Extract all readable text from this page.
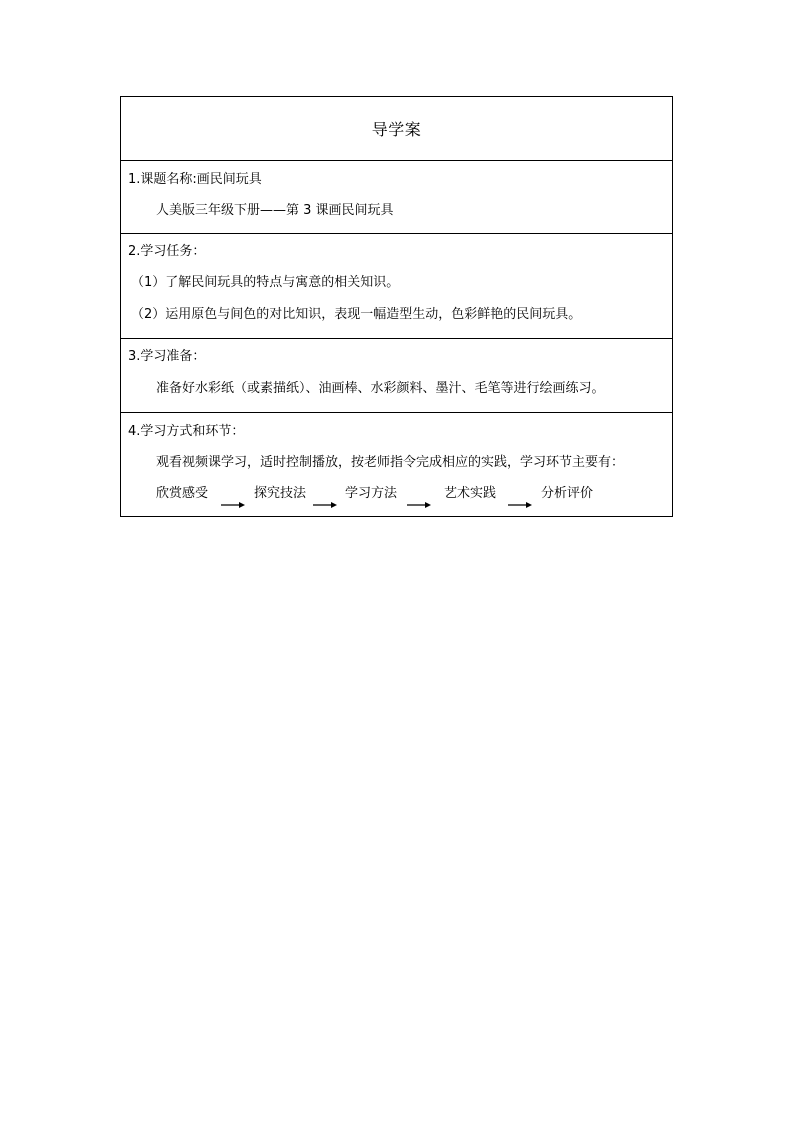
导学案
1.课题名称:画民间玩具
人美版三年级下册——第 3 课画民间玩具
2.学习任务：
（1）了解民间玩具的特点与寓意的相关知识。
（2）运用原色与间色的对比知识，表现一幅造型生动，色彩鲜艳的民间玩具。
3.学习准备：
准备好水彩纸（或素描纸）、油画棒、水彩颜料、墨汁、毛笔等进行绘画练习。
4.学习方式和环节：
观看视频课学习，适时控制播放，按老师指令完成相应的实践，学习环节主要有：
欣赏感受	探究技法	学习方法	艺术实践	分析评价
